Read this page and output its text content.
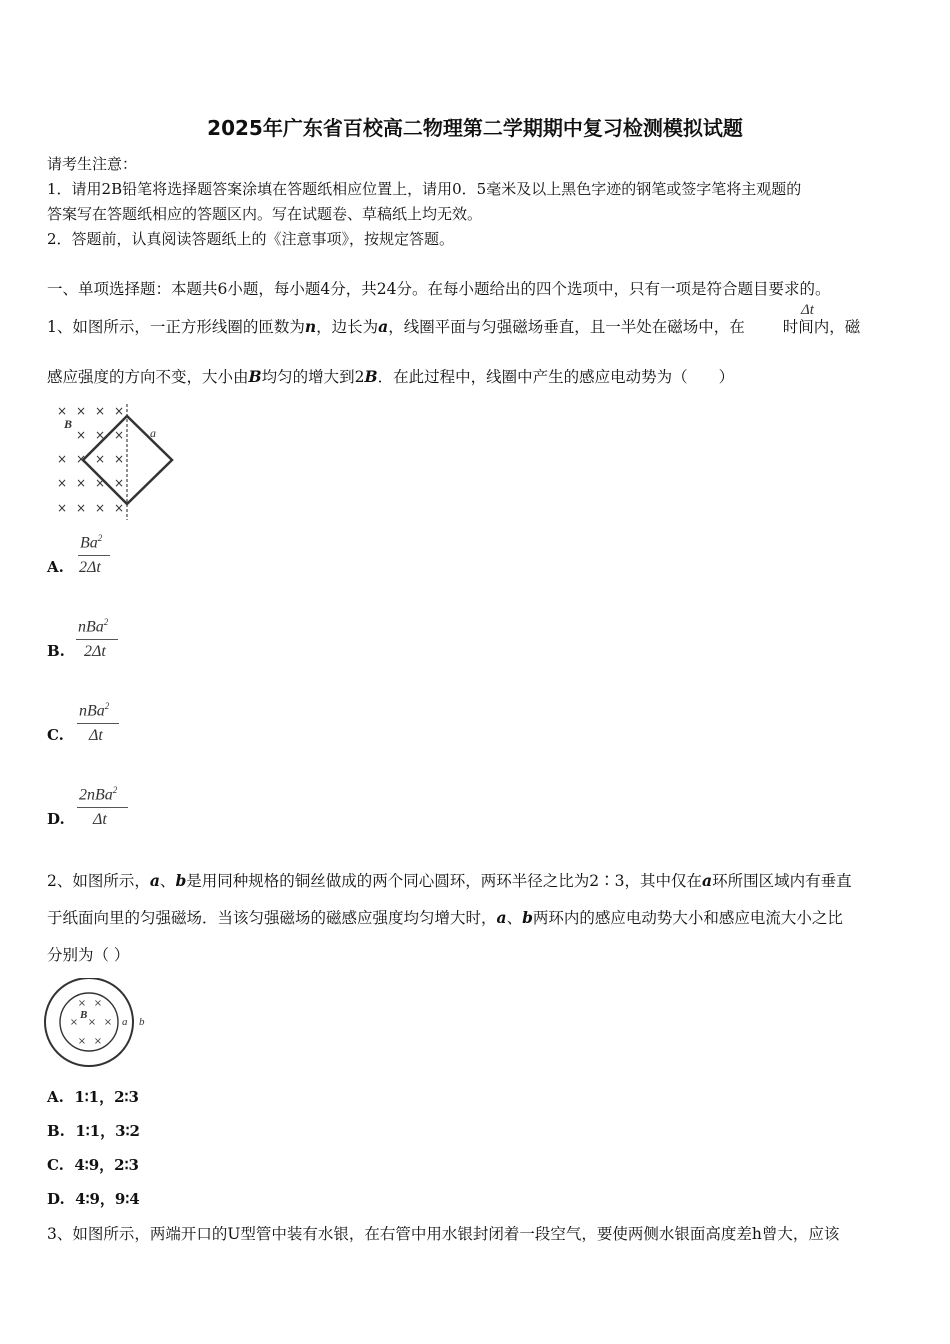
2025年广东省百校高二物理第二学期期中复习检测模拟试题
请考生注意：
1．请用2B铅笔将选择题答案涂填在答题纸相应位置上，请用0．5毫米及以上黑色字迹的钢笔或签字笔将主观题的
答案写在答题纸相应的答题区内。写在试题卷、草稿纸上均无效。
2．答题前，认真阅读答题纸上的《注意事项》，按规定答题。
一、单项选择题：本题共6小题，每小题4分，共24分。在每小题给出的四个选项中，只有一项是符合题目要求的。
1、如图所示，一正方形线圈的匝数为n，边长为a，线圈平面与匀强磁场垂直，且一半处在磁场中，在 时间内，磁
Δt
感应强度的方向不变，大小由B均匀的增大到2B．在此过程中，线圈中产生的感应电动势为（　　）
× × × ×
× × ×
× × × ×
× × × ×
× × × ×
B
a
A.
Ba$^2$
2Δt
B.
nBa$^2$
2Δt
C.
nBa$^2$
Δt
D.
2nBa$^2$
Δt
2、如图所示，a、b是用同种规格的铜丝做成的两个同心圆环，两环半径之比为2∶3，其中仅在a环所围区域内有垂直
于纸面向里的匀强磁场．当该匀强磁场的磁感应强度均匀增大时，a、b两环内的感应电动势大小和感应电流大小之比
分别为（ ）
× ×
× × ×
× ×
B
a b
A. 1∶1，2∶3
B. 1∶1，3∶2
C. 4∶9，2∶3
D. 4∶9，9∶4
3、如图所示，两端开口的U型管中装有水银，在右管中用水银封闭着一段空气，要使两侧水银面高度差h曾大，应该
